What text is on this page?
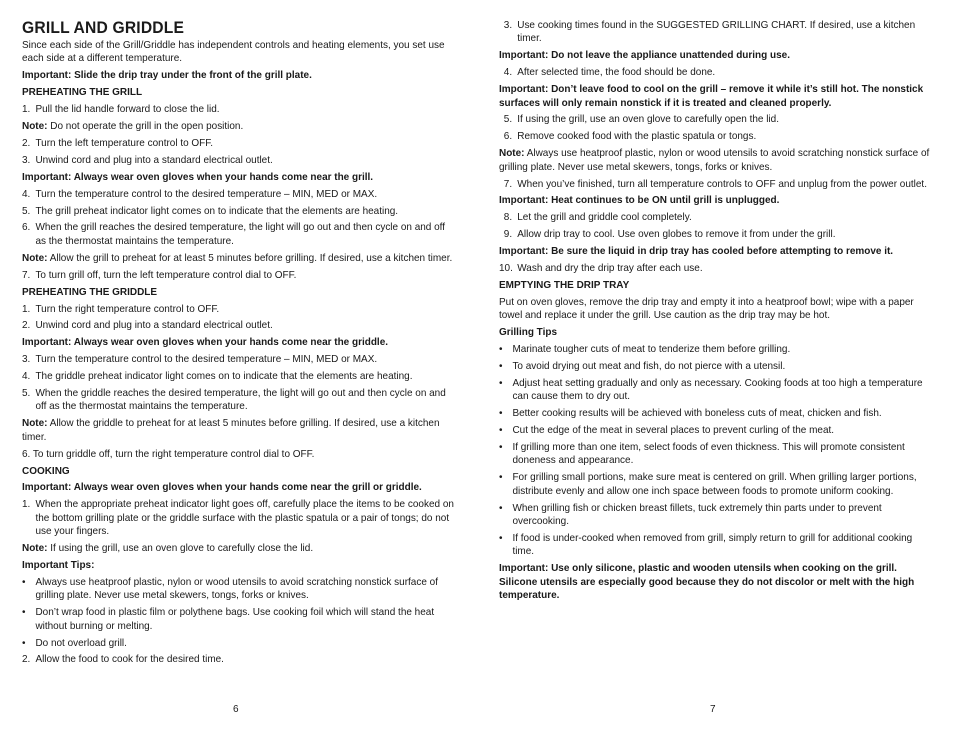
GRILL AND GRIDDLE

Since each side of the Grill/Griddle has independent controls and heating elements, you set use each side at a different temperature.

Important: Slide the drip tray under the front of the grill plate.

PREHEATING THE GRILL

1. Pull the lid handle forward to close the lid.

Note: Do not operate the grill in the open position.

2. Turn the left temperature control to OFF.
3. Unwind cord and plug into a standard electrical outlet.

Important: Always wear oven gloves when your hands come near the grill.

4. Turn the temperature control to the desired temperature – MIN, MED or MAX.
5. The grill preheat indicator light comes on to indicate that the elements are heating.
6. When the grill reaches the desired temperature, the light will go out and then cycle on and off as the thermostat maintains the temperature.

Note: Allow the grill to preheat for at least 5 minutes before grilling. If desired, use a kitchen timer.

7. To turn grill off, turn the left temperature control dial to OFF.

PREHEATING THE GRIDDLE

1. Turn the right temperature control to OFF.
2. Unwind cord and plug into a standard electrical outlet.

Important: Always wear oven gloves when your hands come near the griddle.

3. Turn the temperature control to the desired temperature – MIN, MED or MAX.
4. The griddle preheat indicator light comes on to indicate that the elements are heating.
5. When the griddle reaches the desired temperature, the light will go out and then cycle on and off as the thermostat maintains the temperature.

Note: Allow the griddle to preheat for at least 5 minutes before grilling. If desired, use a kitchen timer.

6. To turn griddle off, turn the right temperature control dial to OFF.

COOKING

Important: Always wear oven gloves when your hands come near the grill or griddle.

1. When the appropriate preheat indicator light goes off, carefully place the items to be cooked on the bottom grilling plate or the griddle surface with the plastic spatula or a pair of tongs; do not use your fingers.

Note: If using the grill, use an oven glove to carefully close the lid.

Important Tips:

• Always use heatproof plastic, nylon or wood utensils to avoid scratching nonstick surface of grilling plate. Never use metal skewers, tongs, forks or knives.
• Don’t wrap food in plastic film or polythene bags. Use cooking foil which will stand the heat without burning or melting.
• Do not overload grill.
2. Allow the food to cook for the desired time.
6
3. Use cooking times found in the SUGGESTED GRILLING CHART. If desired, use a kitchen timer.

Important: Do not leave the appliance unattended during use.

4. After selected time, the food should be done.

Important: Don’t leave food to cool on the grill – remove it while it’s still hot. The nonstick surfaces will only remain nonstick if it is treated and cleaned properly.

5. If using the grill, use an oven glove to carefully open the lid.
6. Remove cooked food with the plastic spatula or tongs.

Note: Always use heatproof plastic, nylon or wood utensils to avoid scratching nonstick surface of grilling plate. Never use metal skewers, tongs, forks or knives.

7. When you’ve finished, turn all temperature controls to OFF and unplug from the power outlet.

Important: Heat continues to be ON until grill is unplugged.

8. Let the grill and griddle cool completely.
9. Allow drip tray to cool. Use oven globes to remove it from under the grill.

Important: Be sure the liquid in drip tray has cooled before attempting to remove it.

10. Wash and dry the drip tray after each use.

EMPTYING THE DRIP TRAY

Put on oven gloves, remove the drip tray and empty it into a heatproof bowl; wipe with a paper towel and replace it under the grill. Use caution as the drip tray may be hot.

Grilling Tips

• Marinate tougher cuts of meat to tenderize them before grilling.
• To avoid drying out meat and fish, do not pierce with a utensil.
• Adjust heat setting gradually and only as necessary. Cooking foods at too high a temperature can cause them to dry out.
• Better cooking results will be achieved with boneless cuts of meat, chicken and fish.
• Cut the edge of the meat in several places to prevent curling of the meat.
• If grilling more than one item, select foods of even thickness. This will promote consistent doneness and appearance.
• For grilling small portions, make sure meat is centered on grill. When grilling larger portions, distribute evenly and allow one inch space between foods to promote uniform cooking.
• When grilling fish or chicken breast fillets, tuck extremely thin parts under to prevent overcooking.
• If food is under-cooked when removed from grill, simply return to grill for additional cooking time.

Important: Use only silicone, plastic and wooden utensils when cooking on the grill. Silicone utensils are especially good because they do not discolor or melt with the high temperature.

7
